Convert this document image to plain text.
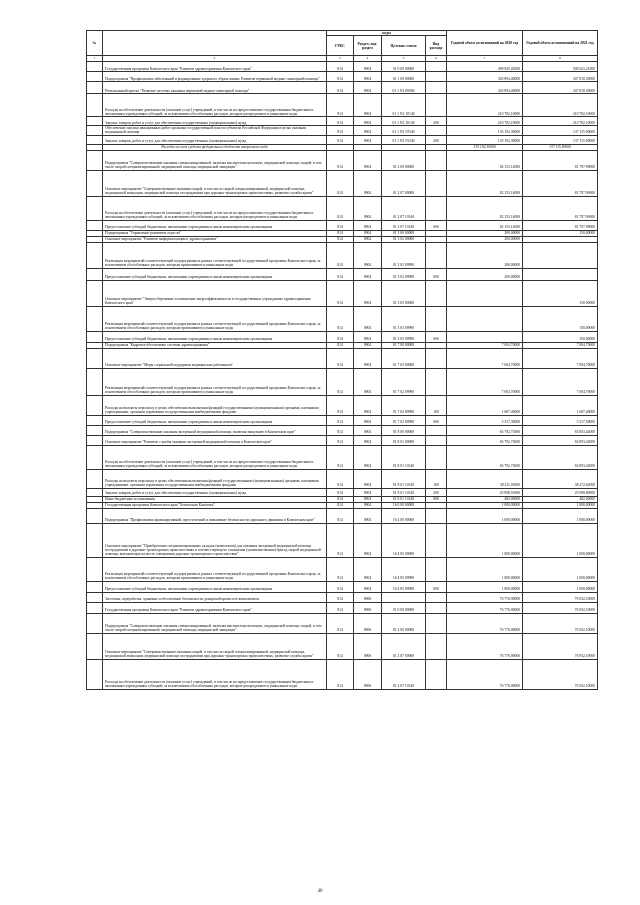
№		коды				Годовой объем ассигнований на 2020 год	Годовой объем ассигнований на 2021 год
		ГРБС	Раздел, под-раздел	Целевая статья	Вид расхода		
1	2	3	4	5	6	7	8
	Государственная программа Камчатского края "Развитие здравоохранения Камчатского края"	814	0904	01 0 00 00000		499 945,02000	500 623,21000
	Подпрограмма "Профилактика заболеваний и формирование здорового образа жизни. Развитие первичной медико-санитарной помощи"	814	0904	01 1 00 00000		345 894,40000	347 818,30000
	Региональный проект "Развитие системы оказания первичной медико-санитарной помощи"	814	0904	01 1 N1 00000		345 894,40000	347 818,30000
	Расходы на обеспечение деятельности (оказание услуг) учреждений, в том числе на предоставление государственным бюджетным и автономным учреждениям субсидий, за исключением обособленных расходов, которые распределяются уникальные коды	814	0904	01 1 N1 10140		210 782,10000	210 782,10000
	Закупка товаров, работ и услуг для обеспечения государственных (муниципальных) нужд	814	0904	01 1 N1 10140	200	210 782,10000	210 782,10000
	Обеспечение закупки авиационных работ органами государственной власти субъектов Российской Федерации в целях оказания медицинской помощи	814	0904	01 1 N1 55540		135 192,30000	137 115,90000
	Закупка товаров, работ и услуг для обеспечения государственных (муниципальных) нужд	814	0904	01 1 N1 55540	200	135 192,30000	137 115,90000
	Расходы за счет средств федерального бюджета вторичного кода					135 192,30000	137 115,90000
	Подпрограмма "Совершенствование оказания специализированной, включая высокотехнологичную, медицинской помощи, скорой, в том числе скорой специализированной, медицинской помощи, медицинской эвакуации"	814	0904	01 2 00 00000		82 153,14000	81 797,99000
	Основное мероприятие "Совершенствование оказания скорой, в том числе скорой специализированной, медицинской помощи, медицинской эвакуации, медицинской помощи пострадавшим при дорожно-транспортных происшествиях, развитие службы крови"	814	0904	01 2 07 00000		82 153,14000	81 797,99000
	Расходы на обеспечение деятельности (оказание услуг) учреждений, в том числе на предоставление государственным бюджетным и автономным учреждениям субсидий, за исключением обособленных расходов, которые распределяются уникальные коды	814	0904	01 2 07 10140		82 153,14000	81 797,99000
	Предоставление субсидий бюджетным, автономным учреждениям и иным некоммерческим организациям	814	0904	01 2 07 10140	600	82 153,14000	81 797,99000
	Подпрограмма "Управление развитием отрасли"	814	0904	01 3 00 00000		200,00000	150,00000
	Основное мероприятие "Развитие информатизации в здравоохранении"	814	0904	01 3 02 00000		200,00000	
	Реализация мероприятий соответствующей подпрограммы в рамках соответствующей государственной программы Камчатского края, за исключением обособленных расходов, которым присваиваются уникальные коды	814	0904	01 3 02 09990		200,00000	
	Предоставление субсидий бюджетным, автономным учреждениям и иным некоммерческим организациям	814	0904	01 3 02 09990	600	200,00000	
	Основное мероприятие "Энергосбережение и повышение энергоэффективности в государственных учреждениях здравоохранения Камчатского края"	814	0904	01 3 03 00000			150,00000
	Реализация мероприятий соответствующей подпрограммы в рамках соответствующей государственной программы Камчатского края, за исключением обособленных расходов, которым присваиваются уникальные коды	814	0904	01 3 03 09990			150,00000
	Предоставление субсидий бюджетным, автономным учреждениям и иным некоммерческим организациям	814	0904	01 3 03 09990	600		150,00000
	Подпрограмма "Кадровое обеспечение системы здравоохранения"	814	0904	01 7 00 00000		7 004,70000	7 004,70000
	Основное мероприятие "Меры социальной поддержки медицинских работников"	814	0904	01 7 02 00000		7 004,70000	7 004,70000
	Реализация мероприятий соответствующей подпрограммы в рамках соответствующей государственной программы Камчатского края, за исключением обособленных расходов, которым присваиваются уникальные коды	814	0904	01 7 02 09990		7 004,70000	7 004,70000
	Расходы на выплаты персоналу в целях обеспечения выполнения функций государственными (муниципальными) органами, казенными учреждениями, органами управления государственными внебюджетными фондами	814	0904	01 7 02 09990	100	1 687,40000	1 687,40000
	Предоставление субсидий бюджетным, автономным учреждениям и иным некоммерческим организациям	814	0904	01 7 02 09990	600	5 317,30000	5 317,30000
	Подпрограмма "Совершенствование оказания экстренной медицинской помощи, включая эвакуацию в Камчатском крае"	814	0904	01 8 00 00000		63 792,73000	63 853,42000
	Основное мероприятие "Развитие службы оказания экстренной медицинской помощи в Камчатском крае"	814	0904	01 8 01 00000		63 792,73000	63 853,42000
	Расходы на обеспечение деятельности (оказание услуг) учреждений, в том числе на предоставление государственным бюджетным и автономным учреждениям субсидий, за исключением обособленных расходов, которые распределяются уникальные коды	814	0904	01 8 01 10140		63 792,73000	63 853,42000
	Расходы на выплаты персоналу в целях обеспечения выполнения функций государственными (муниципальными) органами, казенными учреждениями, органами управления государственными внебюджетными фондами	814	0904	01 8 01 10140	100	38 211,93000	38 272,62000
	Закупка товаров, работ и услуг для обеспечения государственных (муниципальных) нужд	814	0904	01 8 01 10140	200	25 098,55000	25 098,80000
	Иные бюджетные ассигнования	814	0904	01 8 01 10140	800	482,00000	482,00000
	Государственная программа Камчатского края "Безопасная Камчатка"	814	0904	16 0 00 00000		1 000,00000	1 000,00000
	Подпрограмма "Профилактика правонарушений, преступлений и повышение безопасности дорожного движения в Камчатском крае"	814	0904	16 4 00 00000		1 000,00000	1 000,00000
	Основное мероприятие "Приобретение специализированных укладок (комплектов) для оказания экстренной медицинской помощи пострадавшим в дорожно-транспортных происшествиях и соответствующего оснащения (укомплектования) бригад скорой медицинской помощи, выезжающих на место совершения дорожно-транспортного происшествия"	814	0904	16 4 05 00000		1 000,00000	1 000,00000
	Реализация мероприятий соответствующей подпрограммы в рамках соответствующей государственной программы Камчатского края, за исключением обособленных расходов, которым присваиваются уникальные коды	814	0904	16 4 05 09990		1 000,00000	1 000,00000
	Предоставление субсидий бюджетным, автономным учреждениям и иным некоммерческим организациям	814	0904	16 4 05 09990	600	1 000,00000	1 000,00000
	Заготовка, переработка, хранение и обеспечение безопасности донорской крови и ее компонентов	814	0906			76 776,90000	76 932,10000
	Государственная программа Камчатского края "Развитие здравоохранения Камчатского края"	814	0906	01 0 00 00000		76 776,90000	76 932,10000
	Подпрограмма "Совершенствование оказания специализированной, включая высокотехнологичную, медицинской помощи, скорой, в том числе скорой специализированной, медицинской помощи, медицинской эвакуации"	814	0906	01 2 00 00000		76 776,90000	76 932,10000
	Основное мероприятие "Совершенствование оказания скорой, в том числе скорой специализированной, медицинской помощи, медицинской эвакуации, медицинской помощи пострадавшим при дорожно-транспортных происшествиях, развитие службы крови"	814	0906	01 2 07 00000		76 776,90000	76 932,10000
	Расходы на обеспечение деятельности (оказание услуг) учреждений, в том числе на предоставление государственным бюджетным и автономным учреждениям субсидий, за исключением обособленных расходов, которые распределяются уникальные коды	814	0906	01 2 07 10140		76 776,90000	76 932,10000
40
